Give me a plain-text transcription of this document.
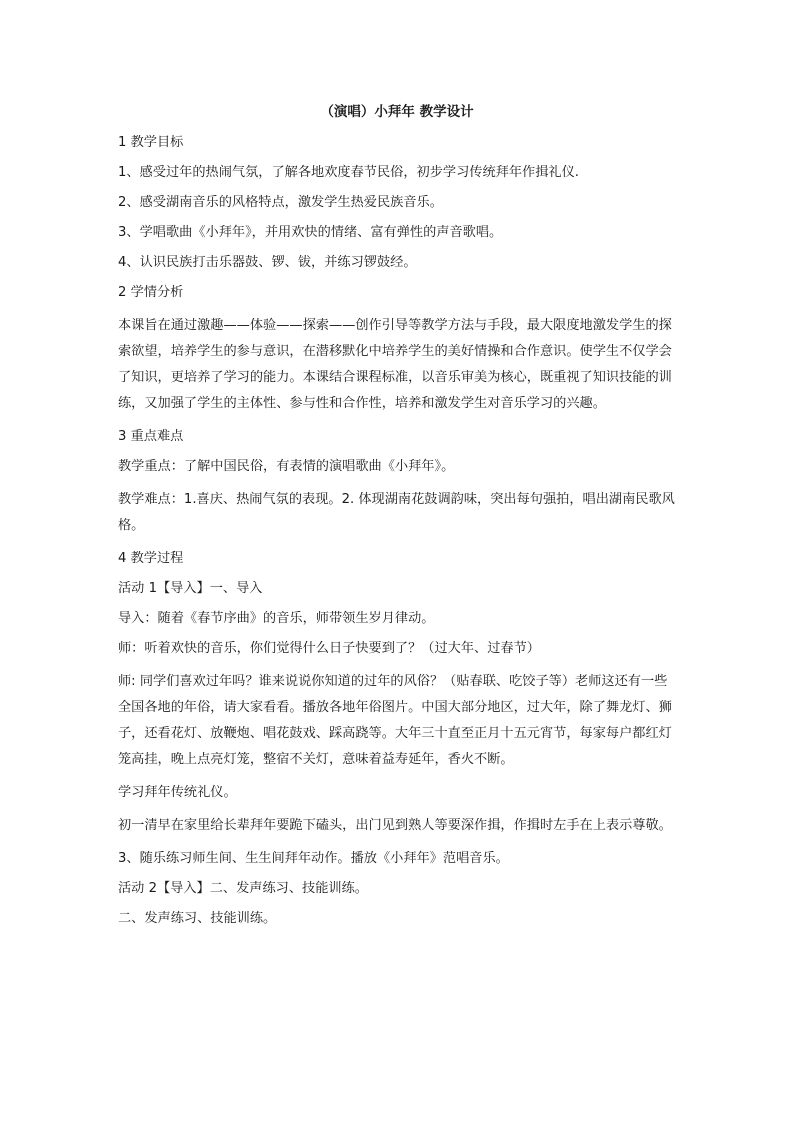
（演唱）小拜年 教学设计

1 教学目标

1、感受过年的热闹气氛，了解各地欢度春节民俗，初步学习传统拜年作揖礼仪.

2、感受湖南音乐的风格特点，激发学生热爱民族音乐。

3、学唱歌曲《小拜年》，并用欢快的情绪、富有弹性的声音歌唱。

4、认识民族打击乐器鼓、锣、钹，并练习锣鼓经。

2 学情分析

本课旨在通过激趣——体验——探索——创作引导等教学方法与手段，最大限度地激发学生的探索欲望，培养学生的参与意识，在潜移默化中培养学生的美好情操和合作意识。使学生不仅学会了知识，更培养了学习的能力。本课结合课程标准，以音乐审美为核心，既重视了知识技能的训练，又加强了学生的主体性、参与性和合作性，培养和激发学生对音乐学习的兴趣。

3 重点难点

教学重点：了解中国民俗，有表情的演唱歌曲《小拜年》。

教学难点：1.喜庆、热闹气氛的表现。2. 体现湖南花鼓调韵味，突出每句强拍，唱出湖南民歌风格。

4 教学过程

活动 1【导入】一、导入

导入：随着《春节序曲》的音乐，师带领生岁月律动。

师：听着欢快的音乐，你们觉得什么日子快要到了？（过大年、过春节）

师: 同学们喜欢过年吗？谁来说说你知道的过年的风俗？（贴春联、吃饺子等）老师这还有一些全国各地的年俗，请大家看看。播放各地年俗图片。中国大部分地区，过大年，除了舞龙灯、狮子，还看花灯、放鞭炮、唱花鼓戏、踩高跷等。大年三十直至正月十五元宵节，每家每户都红灯笼高挂，晚上点亮灯笼，整宿不关灯，意味着益寿延年，香火不断。

学习拜年传统礼仪。

初一清早在家里给长辈拜年要跪下磕头，出门见到熟人等要深作揖，作揖时左手在上表示尊敬。

3、随乐练习师生间、生生间拜年动作。播放《小拜年》范唱音乐。

活动 2【导入】二、发声练习、技能训练。

二、发声练习、技能训练。
